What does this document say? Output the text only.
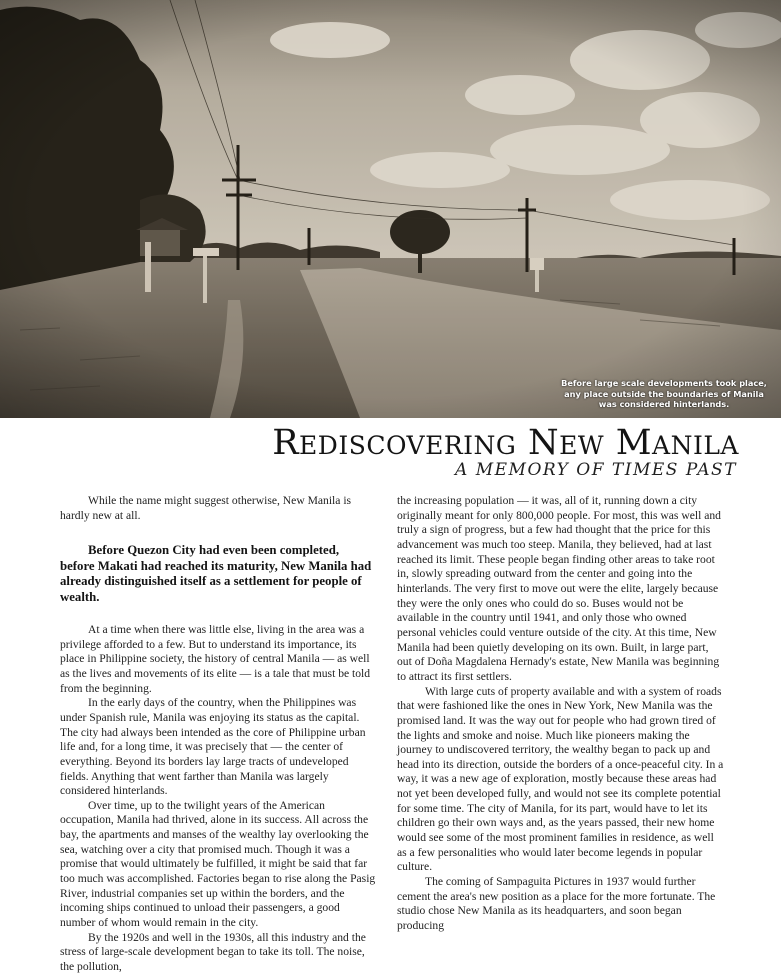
Before large scale developments took place, any place outside the boundaries of Manila was considered hinterlands.
Rediscovering New Manila
A MEMORY OF TIMES PAST

While the name might suggest otherwise, New Manila is hardly new at all.

Before Quezon City had even been completed, before Makati had reached its maturity, New Manila had already distinguished itself as a settlement for people of wealth.

At a time when there was little else, living in the area was a privilege afforded to a few. But to understand its importance, its place in Philippine society, the history of central Manila — as well as the lives and movements of its elite — is a tale that must be told from the beginning.

In the early days of the country, when the Philippines was under Spanish rule, Manila was enjoying its status as the capital. The city had always been intended as the core of Philippine urban life and, for a long time, it was precisely that — the center of everything. Beyond its borders lay large tracts of undeveloped fields. Anything that went farther than Manila was largely considered hinterlands.

Over time, up to the twilight years of the American occupation, Manila had thrived, alone in its success. All across the bay, the apartments and manses of the wealthy lay overlooking the sea, watching over a city that promised much. Though it was a promise that would ultimately be fulfilled, it might be said that far too much was accomplished. Factories began to rise along the Pasig River, industrial companies set up within the borders, and the incoming ships continued to unload their passengers, a good number of whom would remain in the city.

By the 1920s and well in the 1930s, all this industry and the stress of large-scale development began to take its toll. The noise, the pollution,

the increasing population — it was, all of it, running down a city originally meant for only 800,000 people. For most, this was well and truly a sign of progress, but a few had thought that the price for this advancement was much too steep. Manila, they believed, had at last reached its limit. These people began finding other areas to take root in, slowly spreading outward from the center and going into the hinterlands. The very first to move out were the elite, largely because they were the only ones who could do so. Buses would not be available in the country until 1941, and only those who owned personal vehicles could venture outside of the city. At this time, New Manila had been quietly developing on its own. Built, in large part, out of Doña Magdalena Hernady's estate, New Manila was beginning to attract its first settlers.

With large cuts of property available and with a system of roads that were fashioned like the ones in New York, New Manila was the promised land. It was the way out for people who had grown tired of the lights and smoke and noise. Much like pioneers making the journey to undiscovered territory, the wealthy began to pack up and head into its direction, outside the borders of a once-peaceful city. In a way, it was a new age of exploration, mostly because these areas had not yet been developed fully, and would not see its complete potential for some time. The city of Manila, for its part, would have to let its children go their own ways and, as the years passed, their new home would see some of the most prominent families in residence, as well as a few personalities who would later become legends in popular culture.

The coming of Sampaguita Pictures in 1937 would further cement the area's new position as a place for the more fortunate. The studio chose New Manila as its headquarters, and soon began producing
